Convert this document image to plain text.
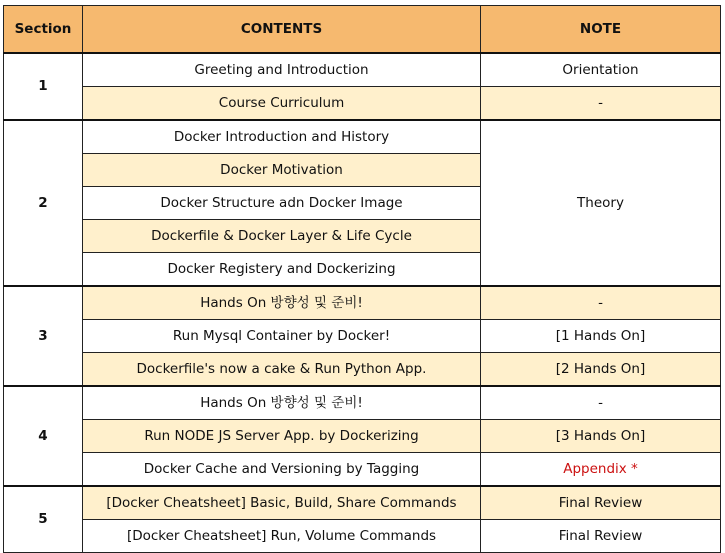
Section	CONTENTS	NOTE
1	Greeting and Introduction	Orientation
	Course Curriculum	-
2	Docker Introduction and History	Theory
	Docker Motivation	
	Docker Structure adn Docker Image	
	Dockerfile & Docker Layer & Life Cycle	
	Docker Registery and Dockerizing	
3	Hands On 방향성 및 준비!	-
	Run Mysql Container by Docker!	[1 Hands On]
	Dockerfile's now a cake & Run Python App.	[2 Hands On]
4	Hands On 방향성 및 준비!	-
	Run NODE JS Server App. by Dockerizing	[3 Hands On]
	Docker Cache and Versioning by Tagging	Appendix *
5	[Docker Cheatsheet] Basic, Build, Share Commands	Final Review
	[Docker Cheatsheet] Run, Volume Commands	Final Review
